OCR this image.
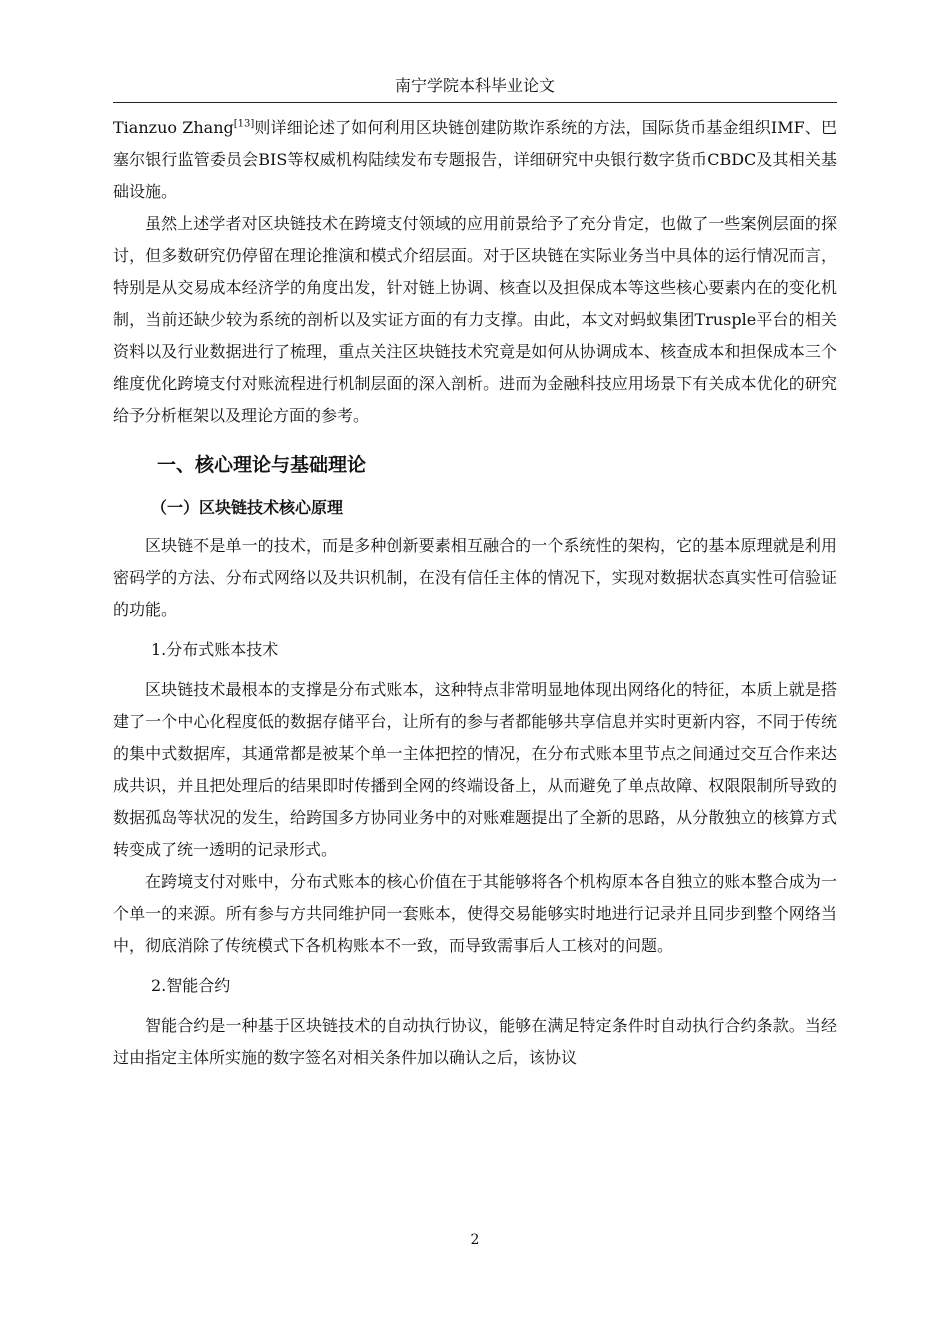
南宁学院本科毕业论文

Tianzuo Zhang[13]则详细论述了如何利用区块链创建防欺诈系统的方法，国际货币基金组织IMF、巴塞尔银行监管委员会BIS等权威机构陆续发布专题报告，详细研究中央银行数字货币CBDC及其相关基础设施。

虽然上述学者对区块链技术在跨境支付领域的应用前景给予了充分肯定，也做了一些案例层面的探讨，但多数研究仍停留在理论推演和模式介绍层面。对于区块链在实际业务当中具体的运行情况而言，特别是从交易成本经济学的角度出发，针对链上协调、核查以及担保成本等这些核心要素内在的变化机制，当前还缺少较为系统的剖析以及实证方面的有力支撑。由此，本文对蚂蚁集团Trusple平台的相关资料以及行业数据进行了梳理，重点关注区块链技术究竟是如何从协调成本、核查成本和担保成本三个维度优化跨境支付对账流程进行机制层面的深入剖析。进而为金融科技应用场景下有关成本优化的研究给予分析框架以及理论方面的参考。

一、核心理论与基础理论
（一）区块链技术核心原理

区块链不是单一的技术，而是多种创新要素相互融合的一个系统性的架构，它的基本原理就是利用密码学的方法、分布式网络以及共识机制，在没有信任主体的情况下，实现对数据状态真实性可信验证的功能。

1.分布式账本技术

区块链技术最根本的支撑是分布式账本，这种特点非常明显地体现出网络化的特征，本质上就是搭建了一个中心化程度低的数据存储平台，让所有的参与者都能够共享信息并实时更新内容，不同于传统的集中式数据库，其通常都是被某个单一主体把控的情况，在分布式账本里节点之间通过交互合作来达成共识，并且把处理后的结果即时传播到全网的终端设备上，从而避免了单点故障、权限限制所导致的数据孤岛等状况的发生，给跨国多方协同业务中的对账难题提出了全新的思路，从分散独立的核算方式转变成了统一透明的记录形式。

在跨境支付对账中，分布式账本的核心价值在于其能够将各个机构原本各自独立的账本整合成为一个单一的来源。所有参与方共同维护同一套账本，使得交易能够实时地进行记录并且同步到整个网络当中，彻底消除了传统模式下各机构账本不一致，而导致需事后人工核对的问题。

2.智能合约

智能合约是一种基于区块链技术的自动执行协议，能够在满足特定条件时自动执行合约条款。当经过由指定主体所实施的数字签名对相关条件加以确认之后，该协议

2
